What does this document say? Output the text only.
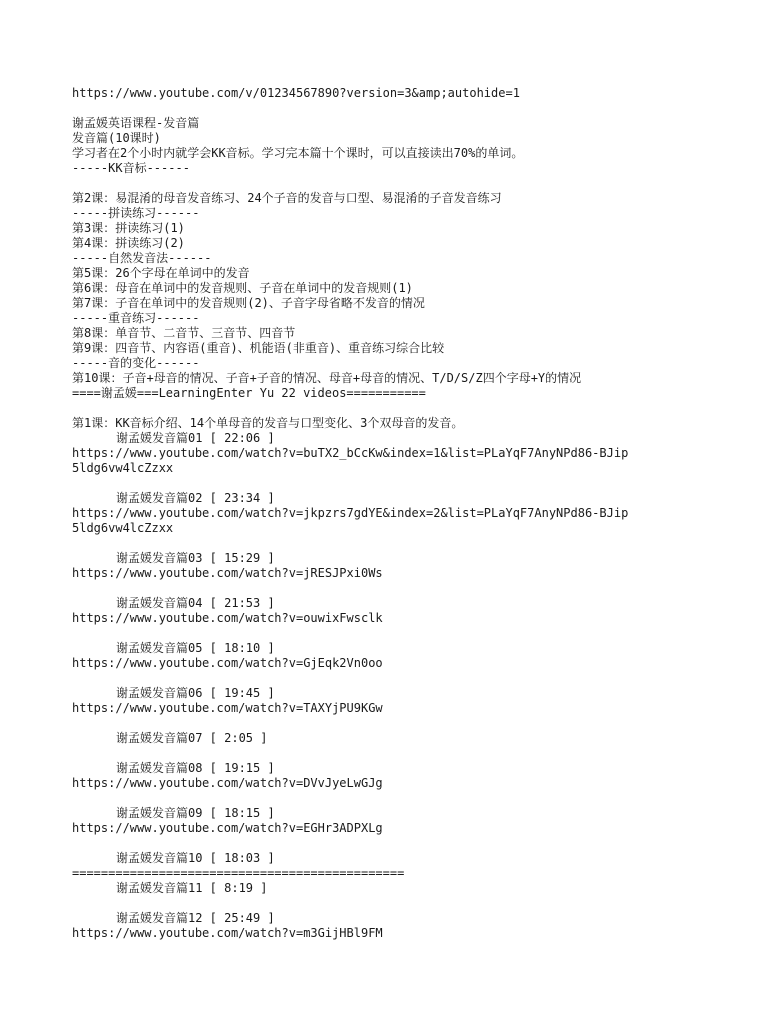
https://www.youtube.com/v/01234567890?version=3&amp;autohide=1
谢孟媛英语课程-发音篇
发音篇(10课时)
学习者在2个小时内就学会KK音标。学习完本篇十个课时，可以直接读出70%的单词。
-----KK音标------
第2课：易混淆的母音发音练习、24个子音的发音与口型、易混淆的子音发音练习
-----拼读练习------
第3课：拼读练习(1)
第4课：拼读练习(2)
-----自然发音法------
第5课：26个字母在单词中的发音
第6课：母音在单词中的发音规则、子音在单词中的发音规则(1)
第7课：子音在单词中的发音规则(2)、子音字母省略不发音的情况
-----重音练习------
第8课：单音节、二音节、三音节、四音节
第9课：四音节、内容语(重音)、机能语(非重音)、重音练习综合比较
-----音的变化------
第10课：子音+母音的情况、子音+子音的情况、母音+母音的情况、T/D/S/Z四个字母+Y的情况
====谢孟媛===LearningEnter Yu 22 videos===========
第1课：KK音标介绍、14个单母音的发音与口型变化、3个双母音的发音。
谢孟媛发音篇01 [ 22:06 ]
https://www.youtube.com/watch?v=buTX2_bCcKw&index=1&list=PLaYqF7AnyNPd86-BJip5ldg6vw4lcZzxx
谢孟媛发音篇02 [ 23:34 ]
https://www.youtube.com/watch?v=jkpzrs7gdYE&index=2&list=PLaYqF7AnyNPd86-BJip5ldg6vw4lcZzxx
谢孟媛发音篇03 [ 15:29 ]
https://www.youtube.com/watch?v=jRESJPxi0Ws
谢孟媛发音篇04 [ 21:53 ]
https://www.youtube.com/watch?v=ouwixFwsclk
谢孟媛发音篇05 [ 18:10 ]
https://www.youtube.com/watch?v=GjEqk2Vn0oo
谢孟媛发音篇06 [ 19:45 ]
https://www.youtube.com/watch?v=TAXYjPU9KGw
谢孟媛发音篇07 [ 2:05 ]
谢孟媛发音篇08 [ 19:15 ]
https://www.youtube.com/watch?v=DVvJyeLwGJg
谢孟媛发音篇09 [ 18:15 ]
https://www.youtube.com/watch?v=EGHr3ADPXLg
谢孟媛发音篇10 [ 18:03 ]
==============================================
谢孟媛发音篇11 [ 8:19 ]
谢孟媛发音篇12 [ 25:49 ]
https://www.youtube.com/watch?v=m3GijHBl9FM
